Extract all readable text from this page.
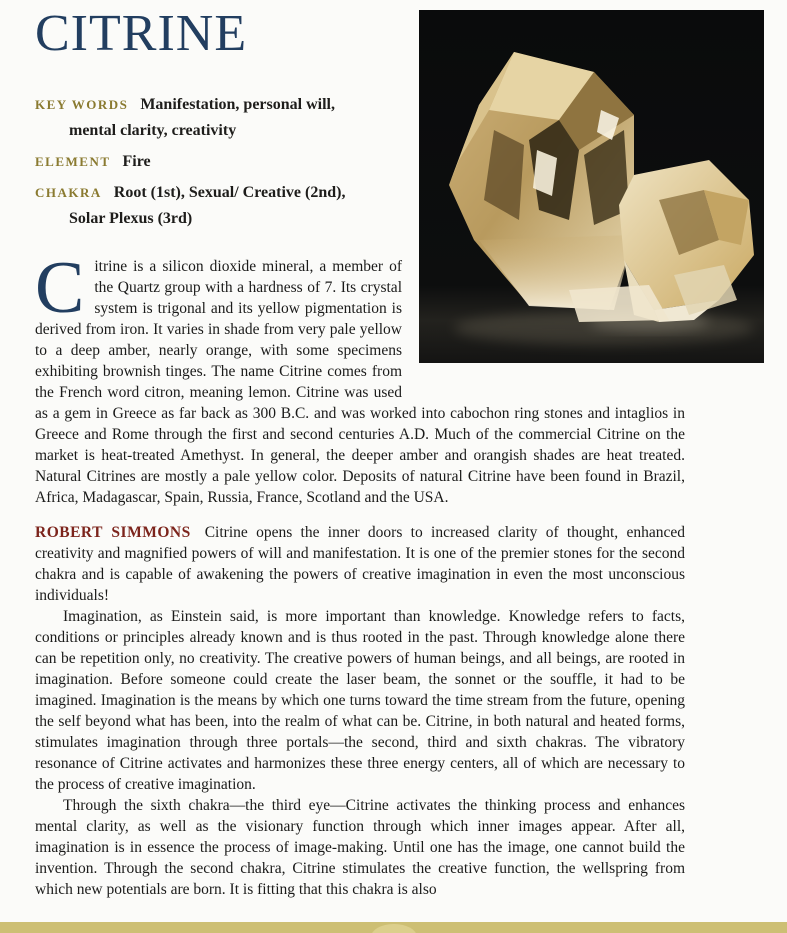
CITRINE
KEY WORDS Manifestation, personal will, mental clarity, creativity
ELEMENT Fire
CHAKRA Root (1st), Sexual/ Creative (2nd), Solar Plexus (3rd)

Citrine is a silicon dioxide mineral, a member of the Quartz group with a hardness of 7. Its crystal system is trigonal and its yellow pigmentation is derived from iron. It varies in shade from very pale yellow to a deep amber, nearly orange, with some specimens exhibiting brownish tinges. The name Citrine comes from the French word citron, meaning lemon. Citrine was used as a gem in Greece as far back as 300 B.C. and was worked into cabochon ring stones and intaglios in Greece and Rome through the first and second centuries A.D. Much of the commercial Citrine on the market is heat-treated Amethyst. In general, the deeper amber and orangish shades are heat treated. Natural Citrines are mostly a pale yellow color. Deposits of natural Citrine have been found in Brazil, Africa, Madagascar, Spain, Russia, France, Scotland and the USA.

ROBERT SIMMONS Citrine opens the inner doors to increased clarity of thought, enhanced creativity and magnified powers of will and manifestation. It is one of the premier stones for the second chakra and is capable of awakening the powers of creative imagination in even the most unconscious individuals!

Imagination, as Einstein said, is more important than knowledge. Knowledge refers to facts, conditions or principles already known and is thus rooted in the past. Through knowledge alone there can be repetition only, no creativity. The creative powers of human beings, and all beings, are rooted in imagination. Before someone could create the laser beam, the sonnet or the souffle, it had to be imagined. Imagination is the means by which one turns toward the time stream from the future, opening the self beyond what has been, into the realm of what can be. Citrine, in both natural and heated forms, stimulates imagination through three portals—the second, third and sixth chakras. The vibratory resonance of Citrine activates and harmonizes these three energy centers, all of which are necessary to the process of creative imagination.

Through the sixth chakra—the third eye—Citrine activates the thinking process and enhances mental clarity, as well as the visionary function through which inner images appear. After all, imagination is in essence the process of image-making. Until one has the image, one cannot build the invention. Through the second chakra, Citrine stimulates the creative function, the wellspring from which new potentials are born. It is fitting that this chakra is also
